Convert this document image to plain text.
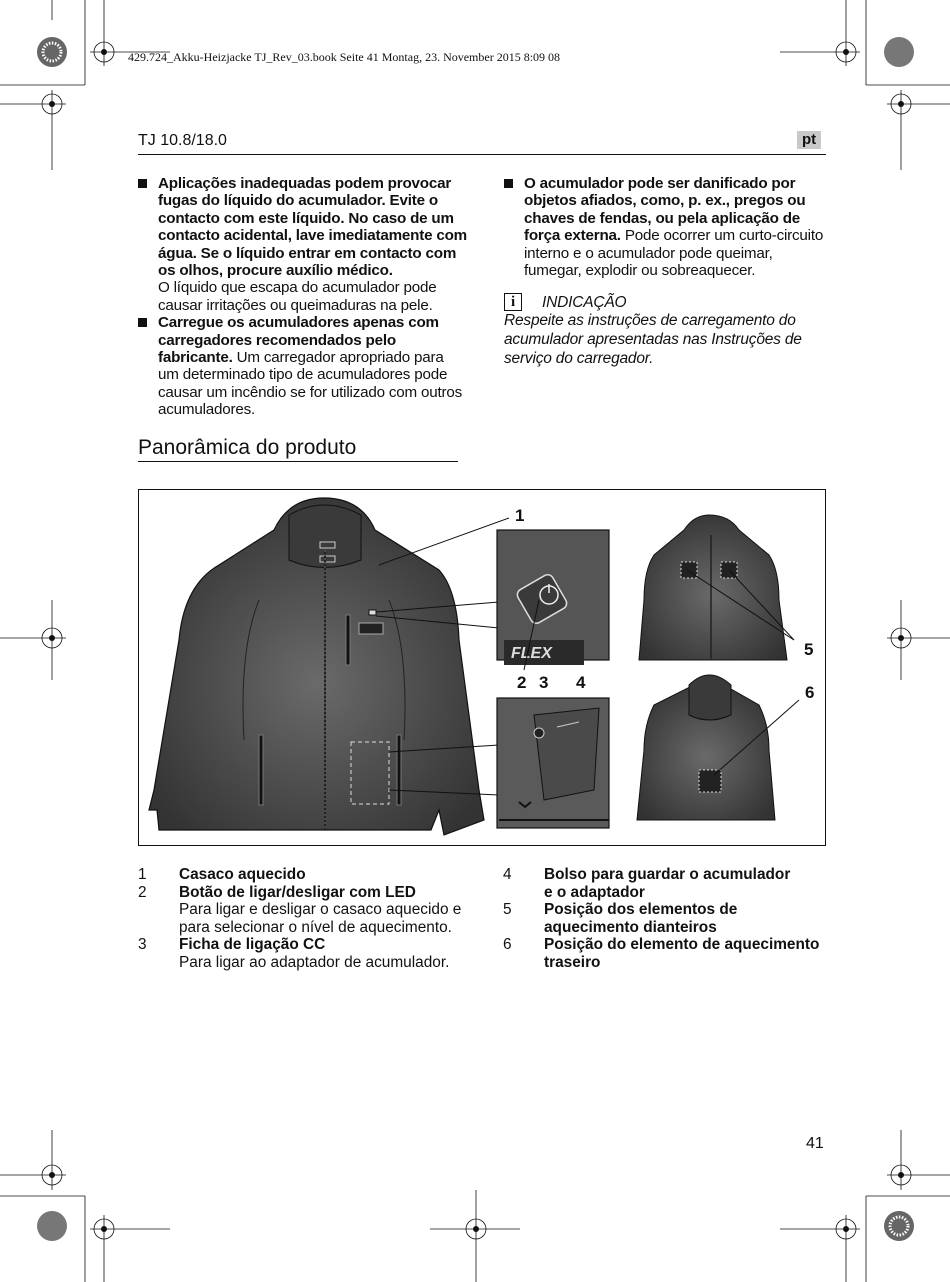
429.724_Akku-Heizjacke TJ_Rev_03.book Seite 41 Montag, 23. November 2015 8:09 08
TJ 10.8/18.0	pt
Aplicações inadequadas podem provocar fugas do líquido do acumulador. Evite o contacto com este líquido. No caso de um contacto acidental, lave imediatamente com água. Se o líquido entrar em contacto com os olhos, procure auxílio médico.
O líquido que escapa do acumulador pode causar irritações ou queimaduras na pele.
Carregue os acumuladores apenas com carregadores recomendados pelo fabricante. Um carregador apropriado para um determinado tipo de acumuladores pode causar um incêndio se for utilizado com outros acumuladores.
O acumulador pode ser danificado por objetos afiados, como, p. ex., pregos ou chaves de fendas, ou pela aplicação de força externa. Pode ocorrer um curto-circuito interno e o acumulador pode queimar, fumegar, explodir ou sobreaquecer.
i	INDICAÇÃO
Respeite as instruções de carregamento do acumulador apresentadas nas Instruções de serviço do carregador.
Panorâmica do produto
FLEX
1
2 3 4
5
6
1	Casaco aquecido
2	Botão de ligar/desligar com LED
Para ligar e desligar o casaco aquecido e para selecionar o nível de aquecimento.
3	Ficha de ligação CC
Para ligar ao adaptador de acumulador.
4	Bolso para guardar o acumulador e o adaptador
5	Posição dos elementos de aquecimento dianteiros
6	Posição do elemento de aquecimento traseiro
41
